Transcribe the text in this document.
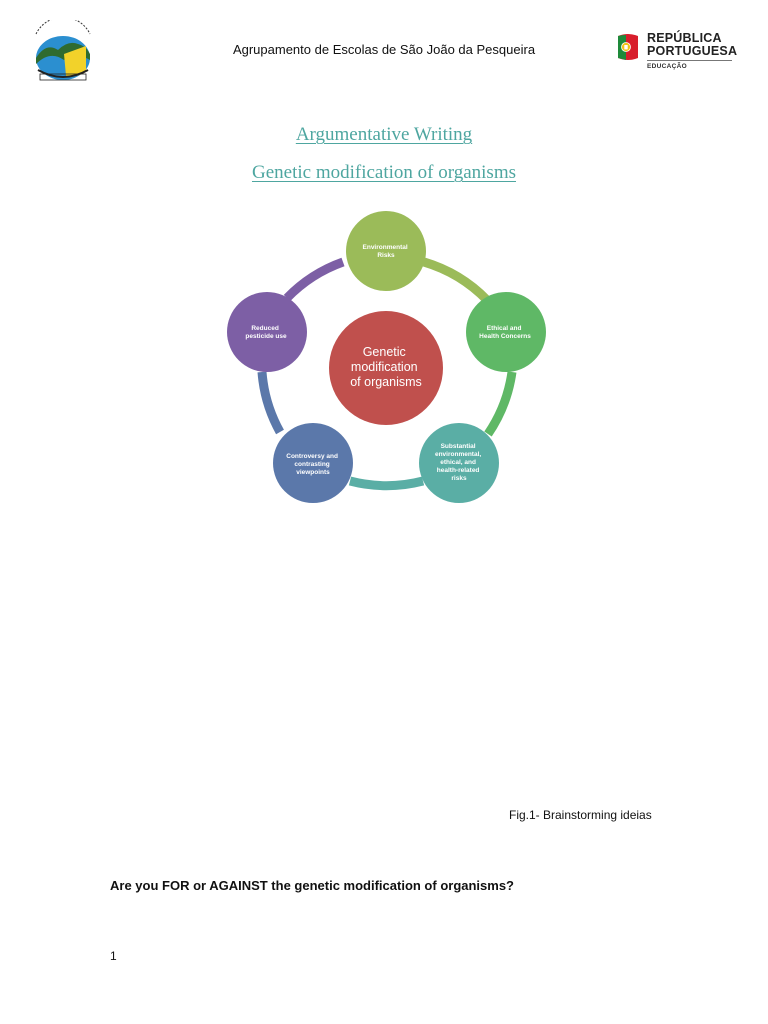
Agrupamento de Escolas de São João da Pesqueira
REPÚBLICA
PORTUGUESA
EDUCAÇÃO
Argumentative Writing
Genetic modification of organisms
Genetic modification of organisms
Environmental Risks
Ethical and Health Concerns
Substantial environmental, ethical, and health-related risks
Controversy and contrasting viewpoints
Reduced pesticide use
Fig.1- Brainstorming ideias
Are you FOR or AGAINST the genetic modification of organisms?
1
